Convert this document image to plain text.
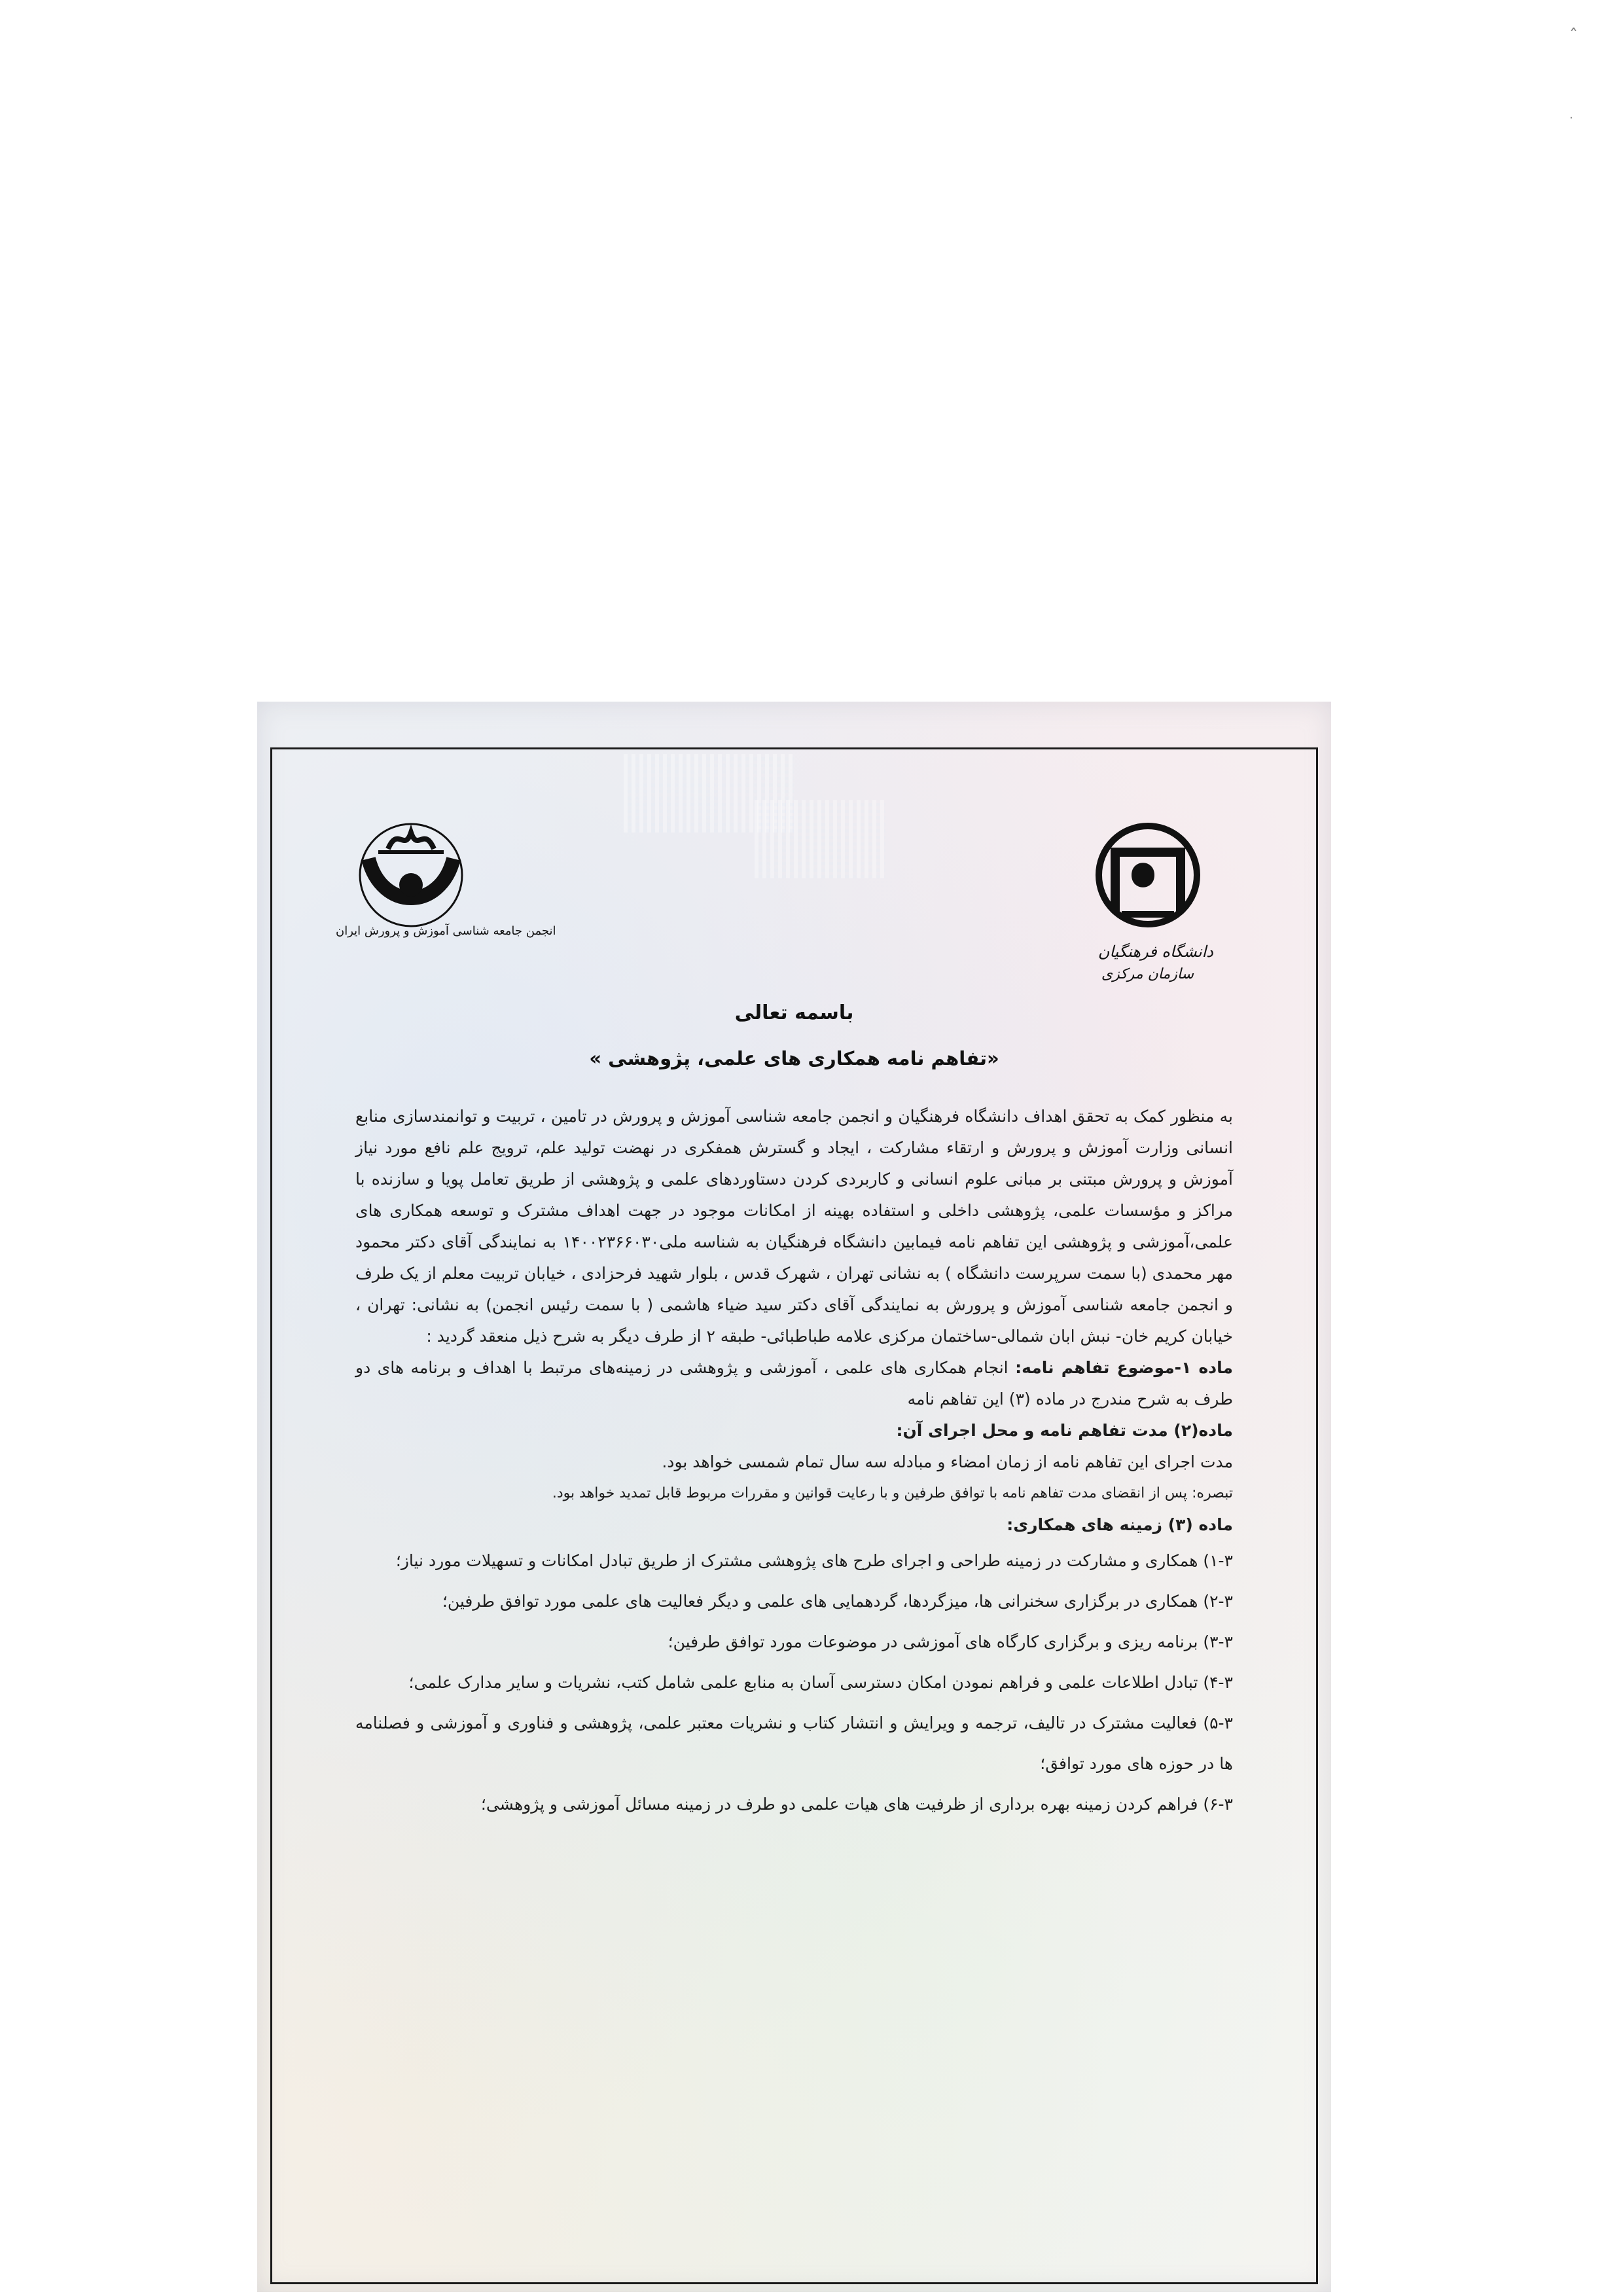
انجمن جامعه شناسی آموزش و پرورش ایران
دانشگاه فرهنگیان
سازمان مرکزی
باسمه تعالی
«تفاهم نامه همکاری های علمی، پژوهشی »

به منظور کمک به تحقق اهداف دانشگاه فرهنگیان و انجمن جامعه شناسی آموزش و پرورش در تامین ، تربیت و توانمندسازی منابع انسانی وزارت آموزش و پرورش و ارتقاء مشارکت ، ایجاد و گسترش همفکری در نهضت تولید علم، ترویج علم نافع مورد نیاز آموزش و پرورش مبتنی بر مبانی علوم انسانی و کاربردی کردن دستاوردهای علمی و پژوهشی از طریق تعامل پویا و سازنده با مراکز و مؤسسات علمی، پژوهشی داخلی و استفاده بهینه از امکانات موجود در جهت اهداف مشترک و توسعه همکاری های علمی،آموزشی و پژوهشی این تفاهم نامه فیمابین دانشگاه فرهنگیان به شناسه ملی۱۴۰۰۲۳۶۶۰۳۰ به نمایندگی آقای دکتر محمود مهر محمدی (با سمت سرپرست دانشگاه ) به نشانی تهران ، شهرک قدس ، بلوار شهید فرحزادی ، خیابان تربیت معلم از یک طرف و انجمن جامعه شناسی آموزش و پرورش به نمایندگی آقای دکتر سید ضیاء هاشمی ( با سمت رئیس انجمن) به نشانی: تهران ، خیابان کریم خان- نبش ابان شمالی-ساختمان مرکزی علامه طباطبائی- طبقه ۲ از طرف دیگر به شرح ذیل منعقد گردید :

ماده ۱-موضوع تفاهم نامه: انجام همکاری های علمی ، آموزشی و پژوهشی در زمینه‌های مرتبط با اهداف و برنامه های دو طرف به شرح مندرج در ماده (۳) این تفاهم نامه

ماده(۲) مدت تفاهم نامه و محل اجرای آن:

مدت اجرای این تفاهم نامه از زمان امضاء و مبادله سه سال تمام شمسی خواهد بود.

تبصره: پس از انقضای مدت تفاهم نامه با توافق طرفین و با رعایت قوانین و مقررات مربوط قابل تمدید خواهد بود.

ماده (۳) زمینه های همکاری:

۱-۳) همکاری و مشارکت در زمینه طراحی و اجرای طرح های پژوهشی مشترک از طریق تبادل امکانات و تسهیلات مورد نیاز؛

۲-۳) همکاری در برگزاری سخنرانی ها، میزگردها، گردهمایی های علمی و دیگر فعالیت های علمی مورد توافق طرفین؛

۳-۳) برنامه ریزی و برگزاری کارگاه های آموزشی در موضوعات مورد توافق طرفین؛

۴-۳) تبادل اطلاعات علمی و فراهم نمودن امکان دسترسی آسان به منابع علمی شامل کتب، نشریات و سایر مدارک علمی؛

۵-۳) فعالیت مشترک در تالیف، ترجمه و ویرایش و انتشار کتاب و نشریات معتبر علمی، پژوهشی و فناوری و آموزشی و فصلنامه ها در حوزه های مورد توافق؛

۶-۳) فراهم کردن زمینه بهره برداری از ظرفیت های هیات علمی دو طرف در زمینه مسائل آموزشی و پژوهشی؛

ˆ
·
